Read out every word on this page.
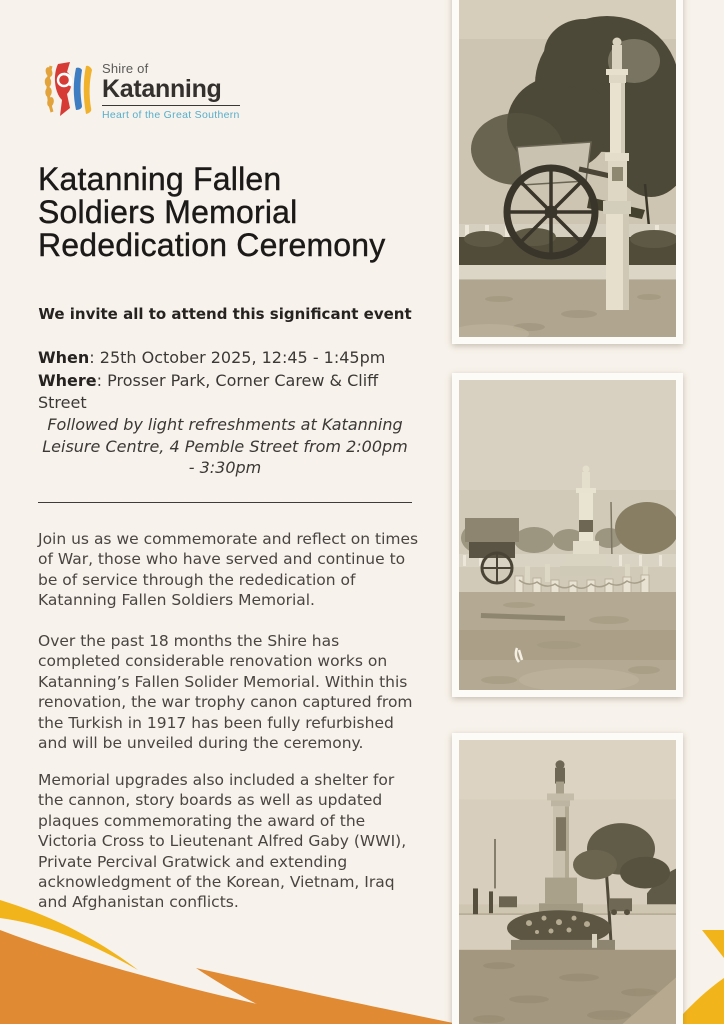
Shire of
Katanning
Heart of the Great Southern
Katanning Fallen
Soldiers Memorial
Rededication Ceremony

We invite all to attend this significant event

When: 25th October 2025, 12:45 - 1:45pm

Where: Prosser Park, Corner Carew & Cliff Street

Followed by light refreshments at Katanning Leisure Centre, 4 Pemble Street from 2:00pm - 3:30pm

Join us as we commemorate and reflect on times of War, those who have served and continue to be of service through the rededication of Katanning Fallen Soldiers Memorial.

Over the past 18 months the Shire has completed considerable renovation works on Katanning’s Fallen Solider Memorial. Within this renovation, the war trophy canon captured from the Turkish in 1917 has been fully refurbished and will be unveiled during the ceremony.

Memorial upgrades also included a shelter for the cannon, story boards as well as updated plaques commemorating the award of the Victoria Cross to Lieutenant Alfred Gaby (WWI), Private Percival Gratwick and extending acknowledgment of the Korean, Vietnam, Iraq and Afghanistan conflicts.
